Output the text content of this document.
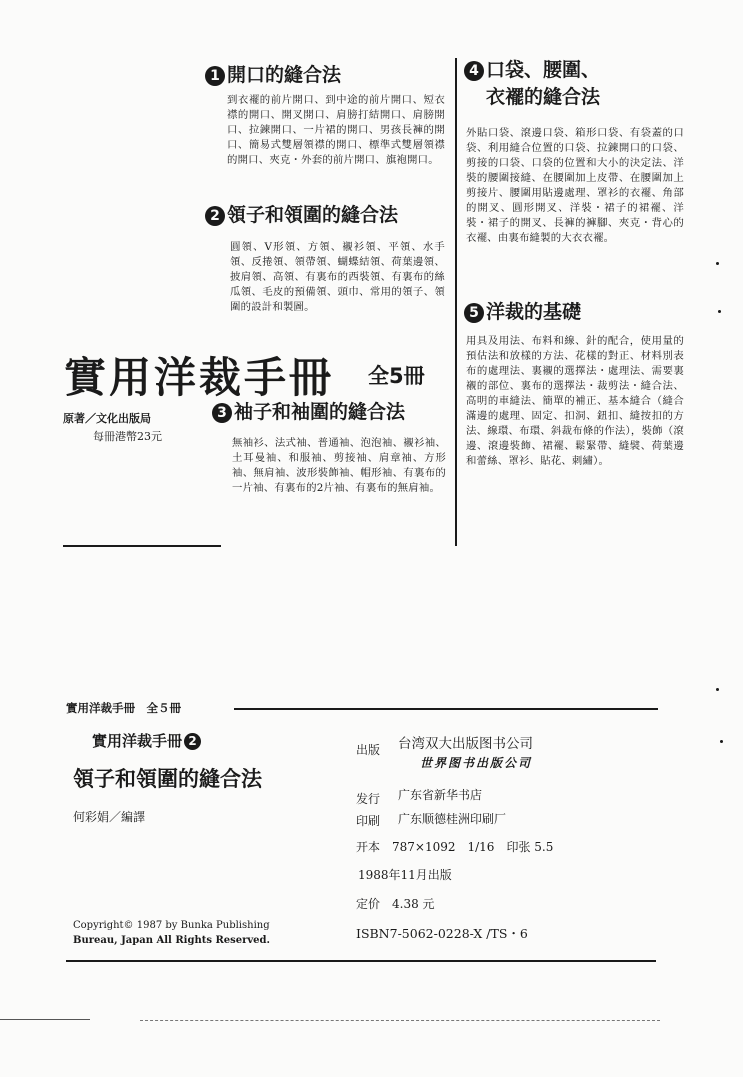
1 開口的縫合法
到衣襬的前片開口、到中途的前片開口、短衣襟的開口、開叉開口、肩膀打結開口、肩膀開口、拉鍊開口、一片裙的開口、男孩長褲的開口、簡易式雙層領襟的開口、標準式雙層領襟的開口、夾克・外套的前片開口、旗袍開口。
2 領子和領圍的縫合法
圓領、V形領、方領、襯衫領、平領、水手領、反捲領、領帶領、蝴蝶結領、荷葉邊領、披肩領、高領、有裏布的西裝領、有裏布的絲瓜領、毛皮的預備領、頭巾、常用的領子、領圍的設計和製圖。
實用洋裁手冊 全5冊
原著／文化出版局
每冊港幣23元
3 袖子和袖圍的縫合法
無袖衫、法式袖、普通袖、泡泡袖、襯衫袖、土耳曼袖、和服袖、剪接袖、肩章袖、方形袖、無肩袖、波形裝飾袖、帽形袖、有裏布的一片袖、有裏布的2片袖、有裏布的無肩袖。
4 口袋、腰圍、
衣襬的縫合法
外貼口袋、滾邊口袋、箱形口袋、有袋蓋的口袋、利用縫合位置的口袋、拉鍊開口的口袋、剪接的口袋、口袋的位置和大小的決定法、洋裝的腰圍接縫、在腰圍加上皮帶、在腰圍加上剪接片、腰圍用貼邊處理、罩衫的衣襬、角部的開叉、圓形開叉、洋裝・裙子的裙襬、洋裝・裙子的開叉、長褲的褲腳、夾克・背心的衣襬、由裏布縫製的大衣衣襬。
5 洋裁的基礎
用具及用法、布料和線、針的配合，使用量的預估法和放樣的方法、花樣的對正、材料別表布的處理法、裏襯的選擇法・處理法、需要裏襯的部位、裏布的選擇法・裁剪法・縫合法、高明的車縫法、簡單的補正、基本縫合（縫合滿邊的處理、固定、扣洞、鈕扣、縫按扣的方法、線環、布環、斜裁布條的作法），裝飾（滾邊、滾邊裝飾、裙襬、鬆緊帶、縫襞、荷葉邊和蕾絲、罩衫、貼花、刺繡）。
實用洋裁手冊　全５冊
實用洋裁手冊 2
領子和領圍的縫合法
何彩娟／編譯
Copyright© 1987 by Bunka Publishing
Bureau, Japan All Rights Reserved.
出版 台湾双大出版图书公司
世界图书出版公司
发行 广东省新华书店
印刷 广东顺德桂洲印刷厂
开本　787×1092　1/16　印张 5.5
1988年11月出版
定价　4.38 元
ISBN7-5062-0228-X /TS・6
